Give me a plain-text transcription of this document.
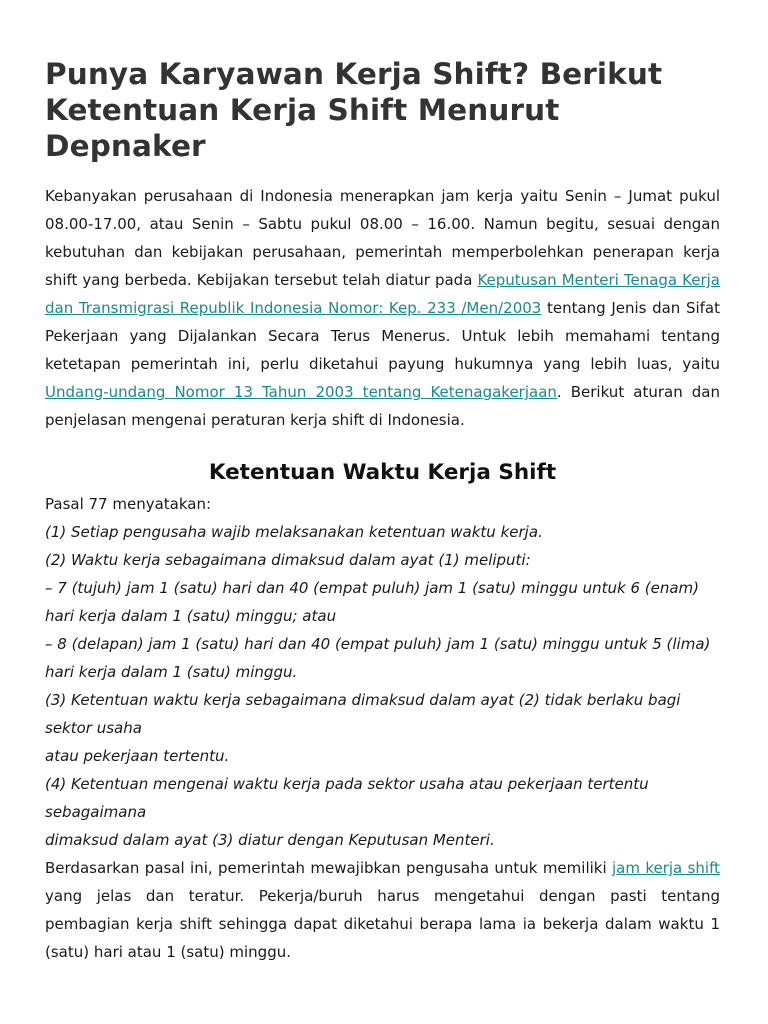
Punya Karyawan Kerja Shift? Berikut Ketentuan Kerja Shift Menurut Depnaker

Kebanyakan perusahaan di Indonesia menerapkan jam kerja yaitu Senin – Jumat pukul 08.00-17.00, atau Senin – Sabtu pukul 08.00 – 16.00. Namun begitu, sesuai dengan kebutuhan dan kebijakan perusahaan, pemerintah memperbolehkan penerapan kerja shift yang berbeda. Kebijakan tersebut telah diatur pada Keputusan Menteri Tenaga Kerja dan Transmigrasi Republik Indonesia Nomor: Kep. 233 /Men/2003 tentang Jenis dan Sifat Pekerjaan yang Dijalankan Secara Terus Menerus. Untuk lebih memahami tentang ketetapan pemerintah ini, perlu diketahui payung hukumnya yang lebih luas, yaitu Undang-undang Nomor 13 Tahun 2003 tentang Ketenagakerjaan. Berikut aturan dan penjelasan mengenai peraturan kerja shift di Indonesia.

Ketentuan Waktu Kerja Shift
Pasal 77 menyatakan:
(1) Setiap pengusaha wajib melaksanakan ketentuan waktu kerja.
(2) Waktu kerja sebagaimana dimaksud dalam ayat (1) meliputi:
– 7 (tujuh) jam 1 (satu) hari dan 40 (empat puluh) jam 1 (satu) minggu untuk 6 (enam) hari kerja dalam 1 (satu) minggu; atau
– 8 (delapan) jam 1 (satu) hari dan 40 (empat puluh) jam 1 (satu) minggu untuk 5 (lima) hari kerja dalam 1 (satu) minggu.
(3) Ketentuan waktu kerja sebagaimana dimaksud dalam ayat (2) tidak berlaku bagi sektor usaha
atau pekerjaan tertentu.
(4) Ketentuan mengenai waktu kerja pada sektor usaha atau pekerjaan tertentu sebagaimana
dimaksud dalam ayat (3) diatur dengan Keputusan Menteri.

Berdasarkan pasal ini, pemerintah mewajibkan pengusaha untuk memiliki jam kerja shift yang jelas dan teratur. Pekerja/buruh harus mengetahui dengan pasti tentang pembagian kerja shift sehingga dapat diketahui berapa lama ia bekerja dalam waktu 1 (satu) hari atau 1 (satu) minggu.
